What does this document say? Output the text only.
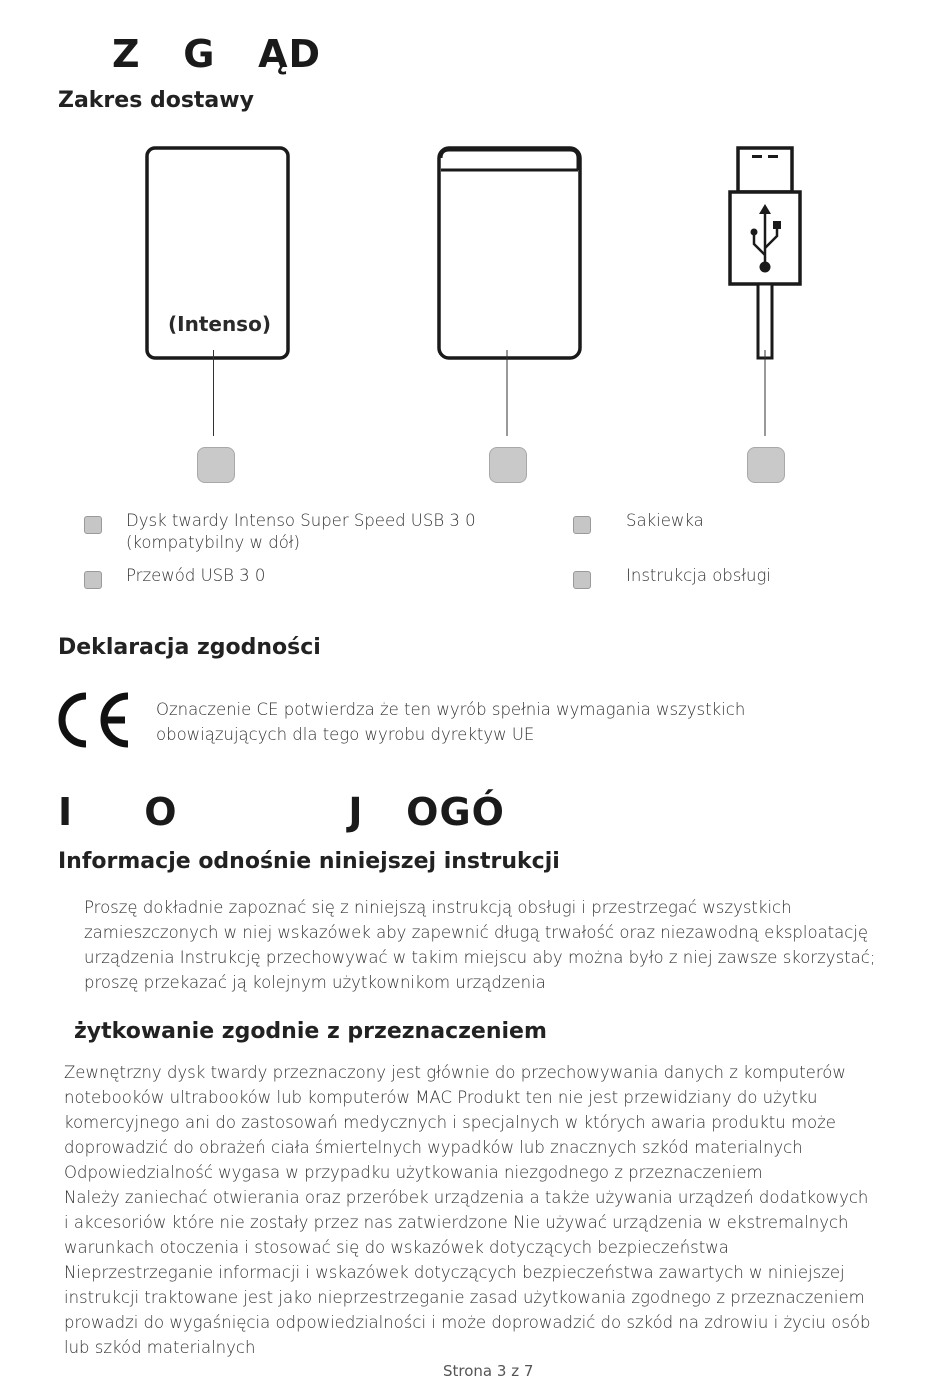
Z   G   ĄD
Zakres dostawy
(Intenso)
Dysk twardy Intenso Super Speed USB 3 0
(kompatybilny w dół)
Sakiewka
Przewód USB 3 0	Instrukcja obsługi
Deklaracja zgodności
Oznaczenie CE potwierdza że ten wyrób spełnia wymagania wszystkich
obowiązujących dla tego wyrobu dyrektyw UE
I     O            J   OGÓ
Informacje odnośnie niniejszej instrukcji
Proszę dokładnie zapoznać się z niniejszą instrukcją obsługi i przestrzegać wszystkich
zamieszczonych w niej wskazówek aby zapewnić długą trwałość oraz niezawodną eksploatację
urządzenia Instrukcję przechowywać w takim miejscu aby można było z niej zawsze skorzystać;
proszę przekazać ją kolejnym użytkownikom urządzenia
żytkowanie zgodnie z przeznaczeniem
Zewnętrzny dysk twardy przeznaczony jest głównie do przechowywania danych z komputerów
notebooków ultrabooków lub komputerów MAC Produkt ten nie jest przewidziany do użytku
komercyjnego ani do zastosowań medycznych i specjalnych w których awaria produktu może
doprowadzić do obrażeń ciała śmiertelnych wypadków lub znacznych szkód materialnych
Odpowiedzialność wygasa w przypadku użytkowania niezgodnego z przeznaczeniem
Należy zaniechać otwierania oraz przeróbek urządzenia a także używania urządzeń dodatkowych
i akcesoriów które nie zostały przez nas zatwierdzone Nie używać urządzenia w ekstremalnych
warunkach otoczenia i stosować się do wskazówek dotyczących bezpieczeństwa
Nieprzestrzeganie informacji i wskazówek dotyczących bezpieczeństwa zawartych w niniejszej
instrukcji traktowane jest jako nieprzestrzeganie zasad użytkowania zgodnego z przeznaczeniem
prowadzi do wygaśnięcia odpowiedzialności i może doprowadzić do szkód na zdrowiu i życiu osób
lub szkód materialnych
Strona 3 z 7
